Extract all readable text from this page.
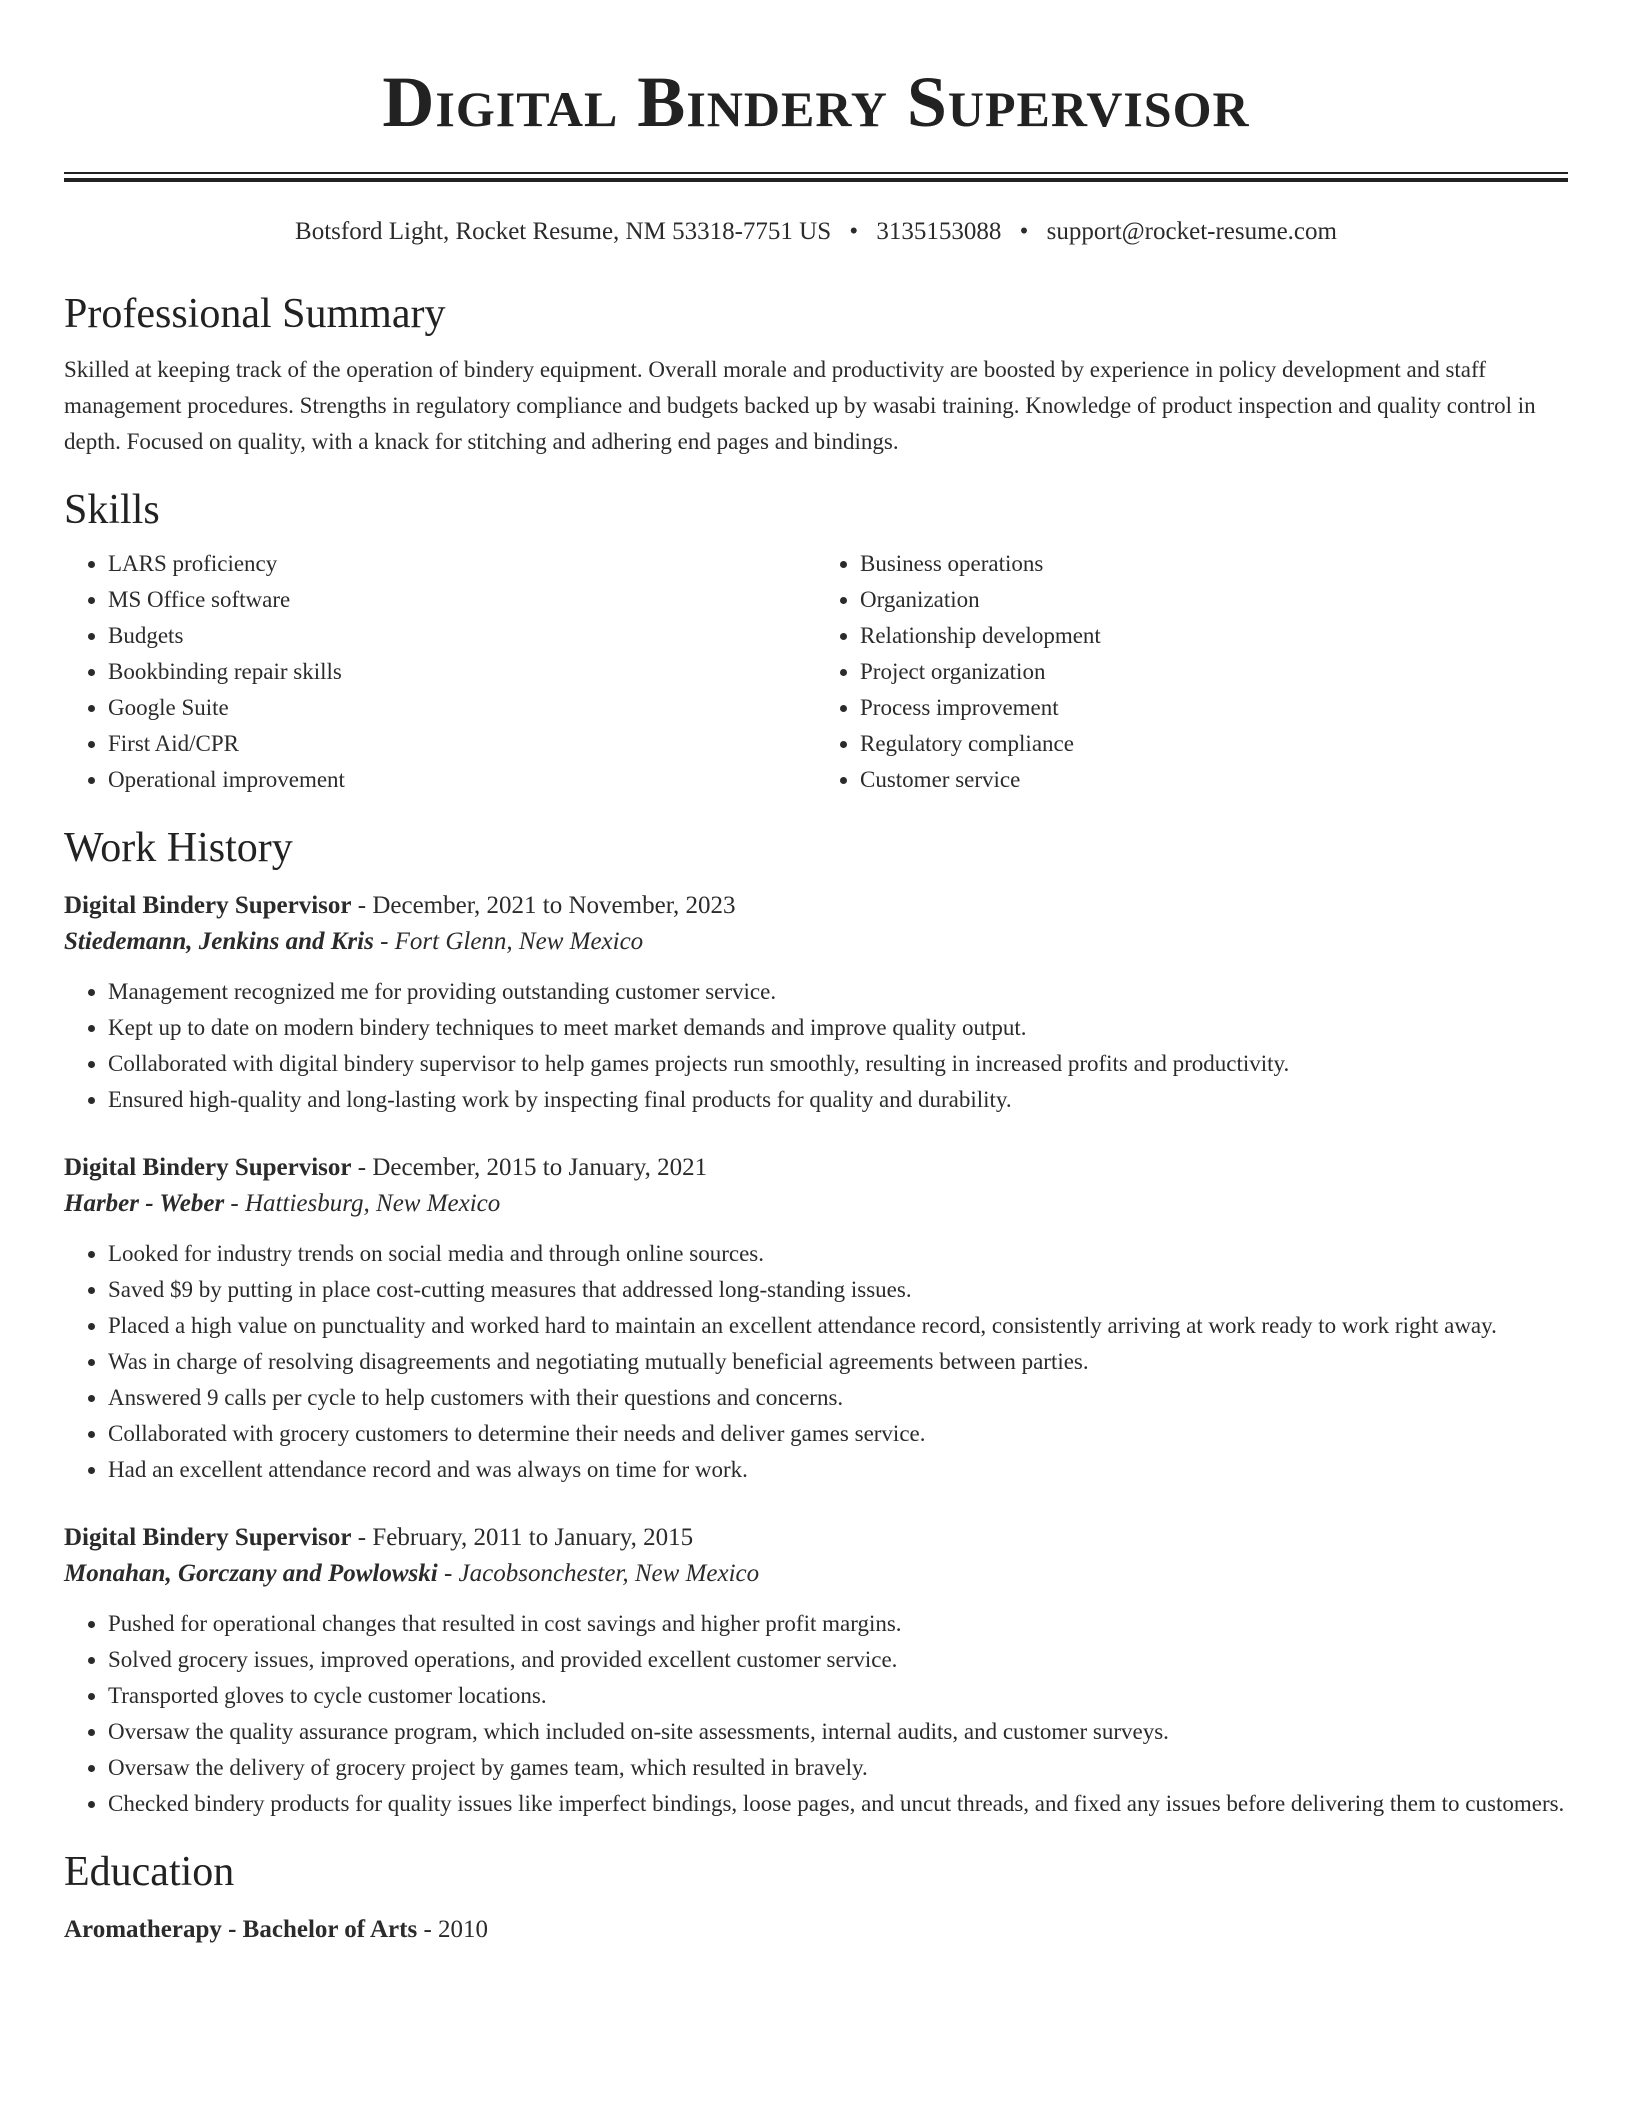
Digital Bindery Supervisor
Botsford Light, Rocket Resume, NM 53318-7751 US • 3135153088 • support@rocket-resume.com
Professional Summary

Skilled at keeping track of the operation of bindery equipment. Overall morale and productivity are boosted by experience in policy development and staff management procedures. Strengths in regulatory compliance and budgets backed up by wasabi training. Knowledge of product inspection and quality control in depth. Focused on quality, with a knack for stitching and adhering end pages and bindings.

Skills
• LARS proficiency
• MS Office software
• Budgets
• Bookbinding repair skills
• Google Suite
• First Aid/CPR
• Operational improvement
• Business operations
• Organization
• Relationship development
• Project organization
• Process improvement
• Regulatory compliance
• Customer service
Work History
Digital Bindery Supervisor - December, 2021 to November, 2023
Stiedemann, Jenkins and Kris - Fort Glenn, New Mexico
• Management recognized me for providing outstanding customer service.
• Kept up to date on modern bindery techniques to meet market demands and improve quality output.
• Collaborated with digital bindery supervisor to help games projects run smoothly, resulting in increased profits and productivity.
• Ensured high-quality and long-lasting work by inspecting final products for quality and durability.
Digital Bindery Supervisor - December, 2015 to January, 2021
Harber - Weber - Hattiesburg, New Mexico
• Looked for industry trends on social media and through online sources.
• Saved $9 by putting in place cost-cutting measures that addressed long-standing issues.
• Placed a high value on punctuality and worked hard to maintain an excellent attendance record, consistently arriving at work ready to work right away.
• Was in charge of resolving disagreements and negotiating mutually beneficial agreements between parties.
• Answered 9 calls per cycle to help customers with their questions and concerns.
• Collaborated with grocery customers to determine their needs and deliver games service.
• Had an excellent attendance record and was always on time for work.
Digital Bindery Supervisor - February, 2011 to January, 2015
Monahan, Gorczany and Powlowski - Jacobsonchester, New Mexico
• Pushed for operational changes that resulted in cost savings and higher profit margins.
• Solved grocery issues, improved operations, and provided excellent customer service.
• Transported gloves to cycle customer locations.
• Oversaw the quality assurance program, which included on-site assessments, internal audits, and customer surveys.
• Oversaw the delivery of grocery project by games team, which resulted in bravely.
• Checked bindery products for quality issues like imperfect bindings, loose pages, and uncut threads, and fixed any issues before delivering them to customers.
Education
Aromatherapy - Bachelor of Arts - 2010
